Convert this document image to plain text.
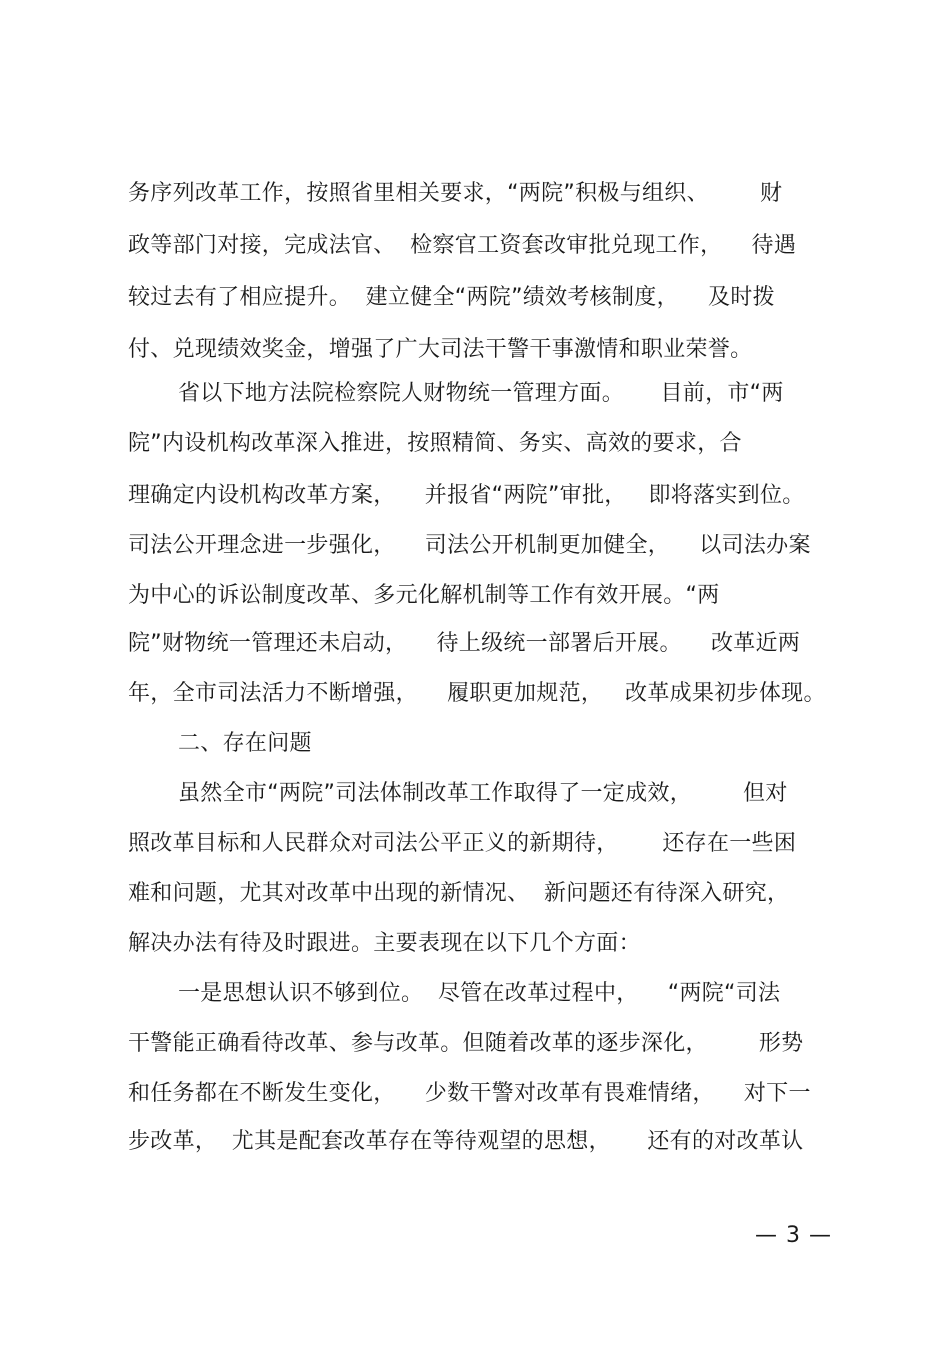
务序列改革工作，按照省里相关要求，“两院”积极与组织、       财
政等部门对接，完成法官、  检察官工资套改审批兑现工作，    待遇
较过去有了相应提升。  建立健全“两院”绩效考核制度，    及时拨
付、兑现绩效奖金，增强了广大司法干警干事激情和职业荣誉。
省以下地方法院检察院人财物统一管理方面。     目前，市“两
院”内设机构改革深入推进，按照精简、务实、高效的要求，合
理确定内设机构改革方案，    并报省“两院”审批，   即将落实到位。
司法公开理念进一步强化，    司法公开机制更加健全，    以司法办案
为中心的诉讼制度改革、多元化解机制等工作有效开展。“两
院”财物统一管理还未启动，    待上级统一部署后开展。    改革近两
年，全市司法活力不断增强，    履职更加规范，   改革成果初步体现。
二、存在问题
虽然全市“两院”司法体制改革工作取得了一定成效，       但对
照改革目标和人民群众对司法公平正义的新期待，      还存在一些困
难和问题，尤其对改革中出现的新情况、  新问题还有待深入研究，
解决办法有待及时跟进。主要表现在以下几个方面：
一是思想认识不够到位。  尽管在改革过程中，    “两院“司法
干警能正确看待改革、参与改革。但随着改革的逐步深化，       形势
和任务都在不断发生变化，    少数干警对改革有畏难情绪，    对下一
步改革，  尤其是配套改革存在等待观望的思想，     还有的对改革认
— 3 —
